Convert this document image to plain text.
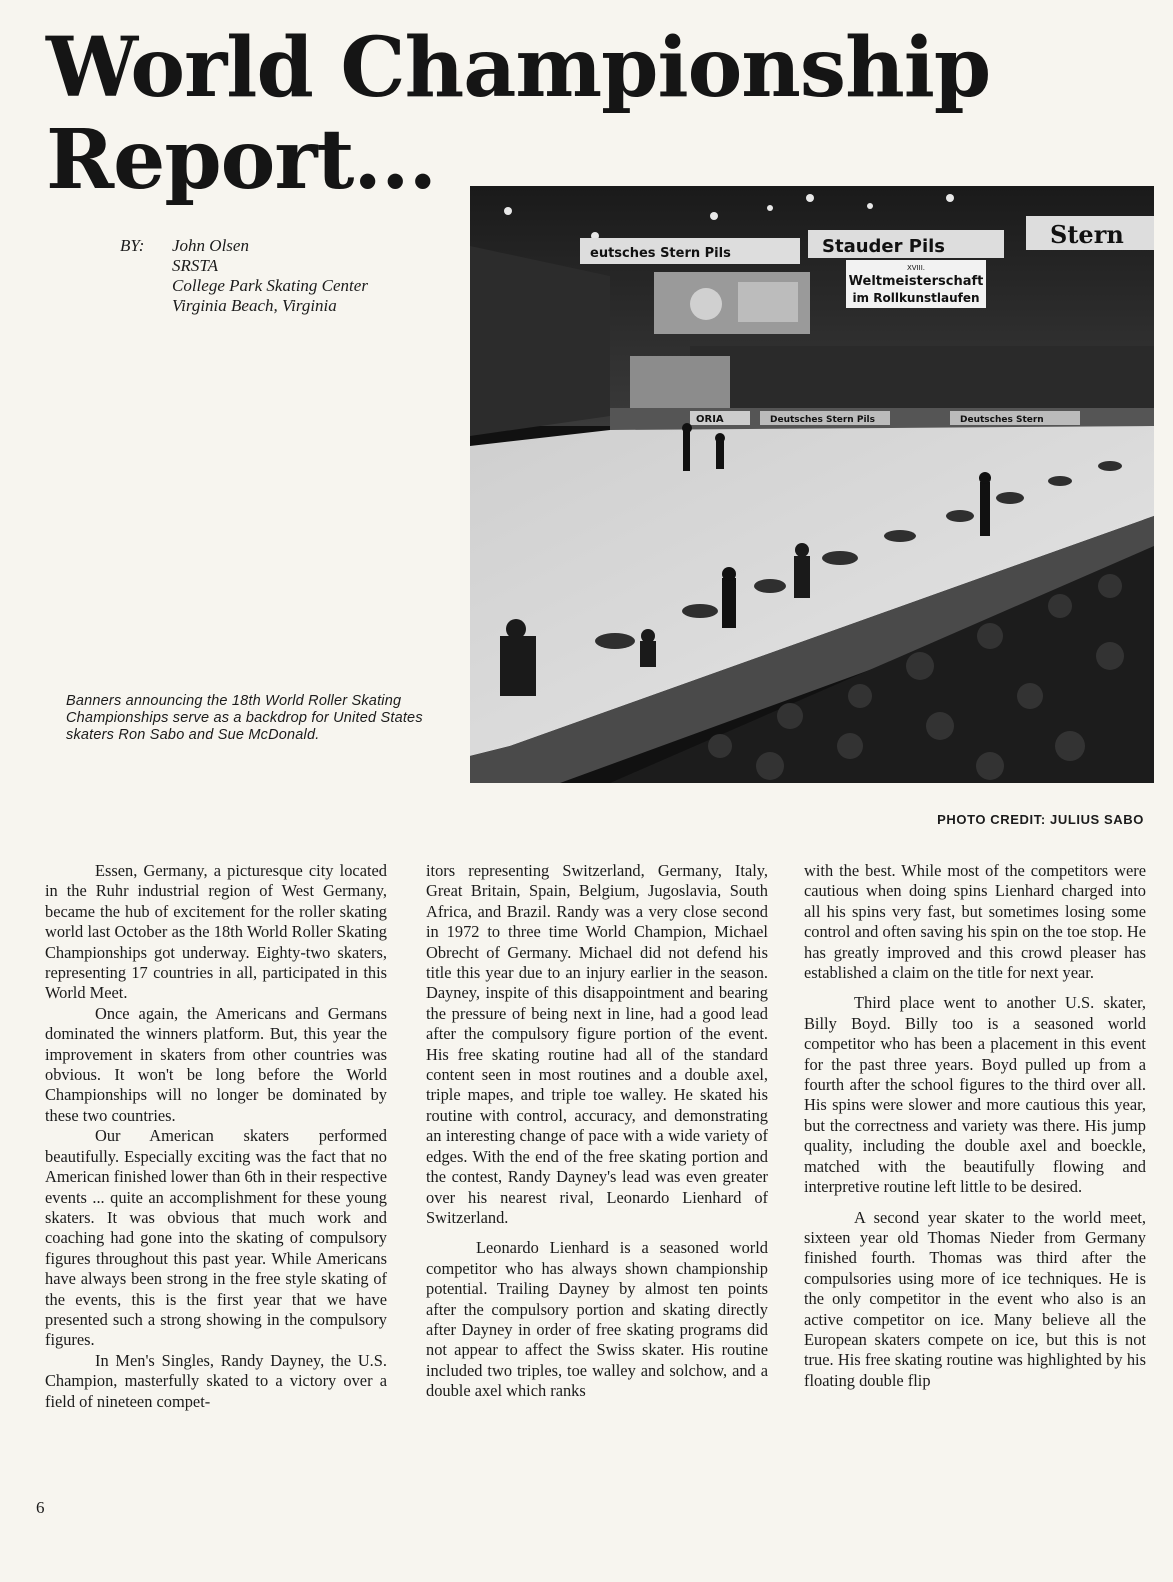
World Championship
Report...
BY:	John Olsen
SRSTA
College Park Skating Center
Virginia Beach, Virginia
Banners announcing the 18th World Roller Skating Championships serve as a backdrop for United States skaters Ron Sabo and Sue McDonald.
eutsches Stern Pils	Stauder Pils	Stern
XVIII.
Weltmeisterschaft
im Rollkunstlaufen
ORIA	Deutsches Stern Pils	Deutsches Stern
PHOTO CREDIT: JULIUS SABO

Essen, Germany, a picturesque city located in the Ruhr industrial region of West Germany, became the hub of excitement for the roller skating world last October as the 18th World Roller Skating Championships got underway. Eighty-two skaters, representing 17 countries in all, participated in this World Meet.

Once again, the Americans and Germans dominated the winners platform. But, this year the improvement in skaters from other countries was obvious. It won't be long before the World Championships will no longer be dominated by these two countries.

Our American skaters performed beautifully. Especially exciting was the fact that no American finished lower than 6th in their respective events ... quite an accomplishment for these young skaters. It was obvious that much work and coaching had gone into the skating of compulsory figures throughout this past year. While Americans have always been strong in the free style skating of the events, this is the first year that we have presented such a strong showing in the compulsory figures.

In Men's Singles, Randy Dayney, the U.S. Champion, masterfully skated to a victory over a field of nineteen compet-

itors representing Switzerland, Germany, Italy, Great Britain, Spain, Belgium, Jugoslavia, South Africa, and Brazil. Randy was a very close second in 1972 to three time World Champion, Michael Obrecht of Germany. Michael did not defend his title this year due to an injury earlier in the season. Dayney, inspite of this disappointment and bearing the pressure of being next in line, had a good lead after the compulsory figure portion of the event. His free skating routine had all of the standard content seen in most routines and a double axel, triple mapes, and triple toe walley. He skated his routine with control, accuracy, and demonstrating an interesting change of pace with a wide variety of edges. With the end of the free skating portion and the contest, Randy Dayney's lead was even greater over his nearest rival, Leonardo Lienhard of Switzerland.

Leonardo Lienhard is a seasoned world competitor who has always shown championship potential. Trailing Dayney by almost ten points after the compulsory portion and skating directly after Dayney in order of free skating programs did not appear to affect the Swiss skater. His routine included two triples, toe walley and solchow, and a double axel which ranks

with the best. While most of the competitors were cautious when doing spins Lienhard charged into all his spins very fast, but sometimes losing some control and often saving his spin on the toe stop. He has greatly improved and this crowd pleaser has established a claim on the title for next year.

Third place went to another U.S. skater, Billy Boyd. Billy too is a seasoned world competitor who has been a placement in this event for the past three years. Boyd pulled up from a fourth after the school figures to the third over all. His spins were slower and more cautious this year, but the correctness and variety was there. His jump quality, including the double axel and boeckle, matched with the beautifully flowing and interpretive routine left little to be desired.

A second year skater to the world meet, sixteen year old Thomas Nieder from Germany finished fourth. Thomas was third after the compulsories using more of ice techniques. He is the only competitor in the event who also is an active competitor on ice. Many believe all the European skaters compete on ice, but this is not true. His free skating routine was highlighted by his floating double flip

6
